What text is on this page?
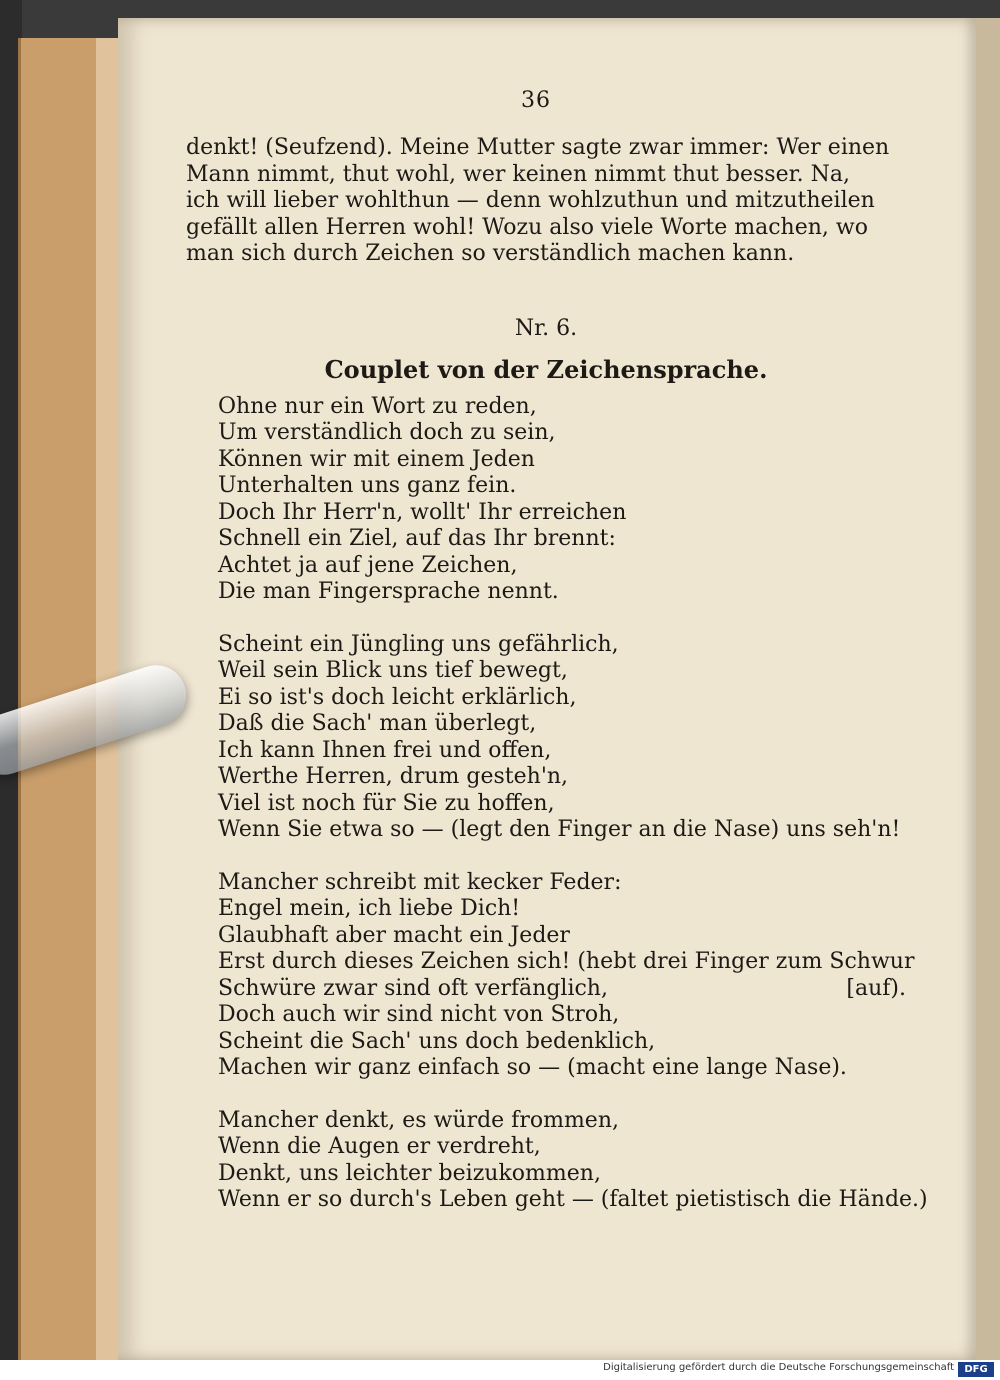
36

denkt! (Seufzend). Meine Mutter sagte zwar immer: Wer einen

Mann nimmt, thut wohl, wer keinen nimmt thut besser. Na,

ich will lieber wohlthun — denn wohlzuthun und mitzutheilen

gefällt allen Herren wohl! Wozu also viele Worte machen, wo

man sich durch Zeichen so verständlich machen kann.

Nr. 6.
Couplet von der Zeichensprache.

Ohne nur ein Wort zu reden,

Um verständlich doch zu sein,

Können wir mit einem Jeden

Unterhalten uns ganz fein.

Doch Ihr Herr'n, wollt' Ihr erreichen

Schnell ein Ziel, auf das Ihr brennt:

Achtet ja auf jene Zeichen,

Die man Fingersprache nennt.

Scheint ein Jüngling uns gefährlich,

Weil sein Blick uns tief bewegt,

Ei so ist's doch leicht erklärlich,

Daß die Sach' man überlegt,

Ich kann Ihnen frei und offen,

Werthe Herren, drum gesteh'n,

Viel ist noch für Sie zu hoffen,

Wenn Sie etwa so — (legt den Finger an die Nase) uns seh'n!

Mancher schreibt mit kecker Feder:

Engel mein, ich liebe Dich!

Glaubhaft aber macht ein Jeder

Erst durch dieses Zeichen sich! (hebt drei Finger zum Schwur

Schwüre zwar sind oft verfänglich,	[auf).

Doch auch wir sind nicht von Stroh,

Scheint die Sach' uns doch bedenklich,

Machen wir ganz einfach so — (macht eine lange Nase).

Mancher denkt, es würde frommen,

Wenn die Augen er verdreht,

Denkt, uns leichter beizukommen,

Wenn er so durch's Leben geht — (faltet pietistisch die Hände.)

Digitalisierung gefördert durch die Deutsche Forschungsgemeinschaft	DFG
